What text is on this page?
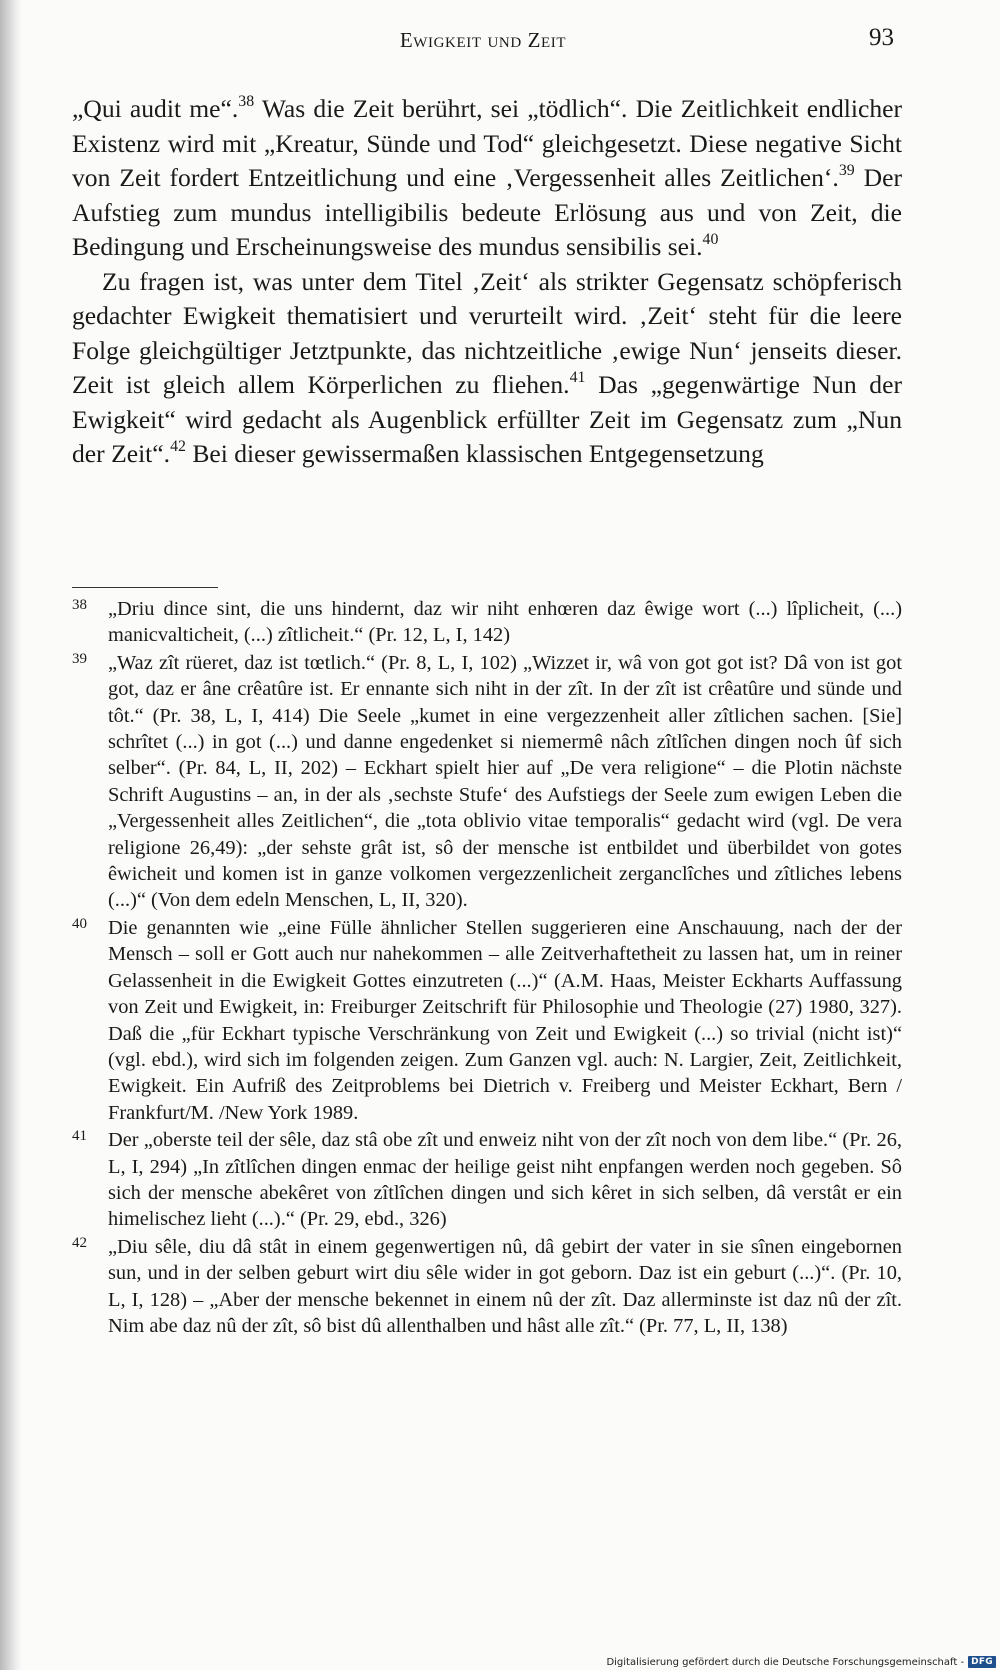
Ewigkeit und Zeit	93

„Qui audit me“.$^{38}$ Was die Zeit berührt, sei „tödlich“. Die Zeitlichkeit endlicher Existenz wird mit „Kreatur, Sünde und Tod“ gleichgesetzt. Diese negative Sicht von Zeit fordert Entzeitlichung und eine ‚Vergessenheit alles Zeitlichen‘.$^{39}$ Der Aufstieg zum mundus intelligibilis bedeute Erlösung aus und von Zeit, die Bedingung und Erscheinungsweise des mundus sensibilis sei.$^{40}$

Zu fragen ist, was unter dem Titel ‚Zeit‘ als strikter Gegensatz schöpferisch gedachter Ewigkeit thematisiert und verurteilt wird. ‚Zeit‘ steht für die leere Folge gleichgültiger Jetztpunkte, das nichtzeitliche ‚ewige Nun‘ jenseits dieser. Zeit ist gleich allem Körperlichen zu fliehen.$^{41}$ Das „gegenwärtige Nun der Ewigkeit“ wird gedacht als Augenblick erfüllter Zeit im Gegensatz zum „Nun der Zeit“.$^{42}$ Bei dieser gewissermaßen klassischen Entgegensetzung

38 „Driu dince sint, die uns hindernt, daz wir niht enhœren daz êwige wort (...) lîplicheit, (...) manicvalticheit, (...) zîtlicheit.“ (Pr. 12, L, I, 142)
39 „Waz zît rüeret, daz ist tœtlich.“ (Pr. 8, L, I, 102) „Wizzet ir, wâ von got got ist? Dâ von ist got got, daz er âne crêatûre ist. Er ennante sich niht in der zît. In der zît ist crêatûre und sünde und tôt.“ (Pr. 38, L, I, 414) Die Seele „kumet in eine vergezzenheit aller zîtlichen sachen. [Sie] schrîtet (...) in got (...) und danne engedenket si niemermê nâch zîtlîchen dingen noch ûf sich selber“. (Pr. 84, L, II, 202) – Eckhart spielt hier auf „De vera religione“ – die Plotin nächste Schrift Augustins – an, in der als ‚sechste Stufe‘ des Aufstiegs der Seele zum ewigen Leben die „Vergessenheit alles Zeitlichen“, die „tota oblivio vitae temporalis“ gedacht wird (vgl. De vera religione 26,49): „der sehste grât ist, sô der mensche ist entbildet und überbildet von gotes êwicheit und komen ist in ganze volkomen vergezzenlicheit zerganclîches und zîtliches lebens (...)“ (Von dem edeln Menschen, L, II, 320).
40 Die genannten wie „eine Fülle ähnlicher Stellen suggerieren eine Anschauung, nach der der Mensch – soll er Gott auch nur nahekommen – alle Zeitverhaftetheit zu lassen hat, um in reiner Gelassenheit in die Ewigkeit Gottes einzutreten (...)“ (A.M. Haas, Meister Eckharts Auffassung von Zeit und Ewigkeit, in: Freiburger Zeitschrift für Philosophie und Theologie (27) 1980, 327). Daß die „für Eckhart typische Verschränkung von Zeit und Ewigkeit (...) so trivial (nicht ist)“ (vgl. ebd.), wird sich im folgenden zeigen. Zum Ganzen vgl. auch: N. Largier, Zeit, Zeitlichkeit, Ewigkeit. Ein Aufriß des Zeitproblems bei Dietrich v. Freiberg und Meister Eckhart, Bern / Frankfurt/M. /New York 1989.
41 Der „oberste teil der sêle, daz stâ obe zît und enweiz niht von der zît noch von dem libe.“ (Pr. 26, L, I, 294) „In zîtlîchen dingen enmac der heilige geist niht enpfangen werden noch gegeben. Sô sich der mensche abekêret von zîtlîchen dingen und sich kêret in sich selben, dâ verstât er ein himelischez lieht (...).“ (Pr. 29, ebd., 326)
42 „Diu sêle, diu dâ stât in einem gegenwertigen nû, dâ gebirt der vater in sie sînen eingebornen sun, und in der selben geburt wirt diu sêle wider in got geborn. Daz ist ein geburt (...)“. (Pr. 10, L, I, 128) – „Aber der mensche bekennet in einem nû der zît. Daz allerminste ist daz nû der zît. Nim abe daz nû der zît, sô bist dû allenthalben und hâst alle zît.“ (Pr. 77, L, II, 138)
Digitalisierung gefördert durch die Deutsche Forschungsgemeinschaft - DFG
